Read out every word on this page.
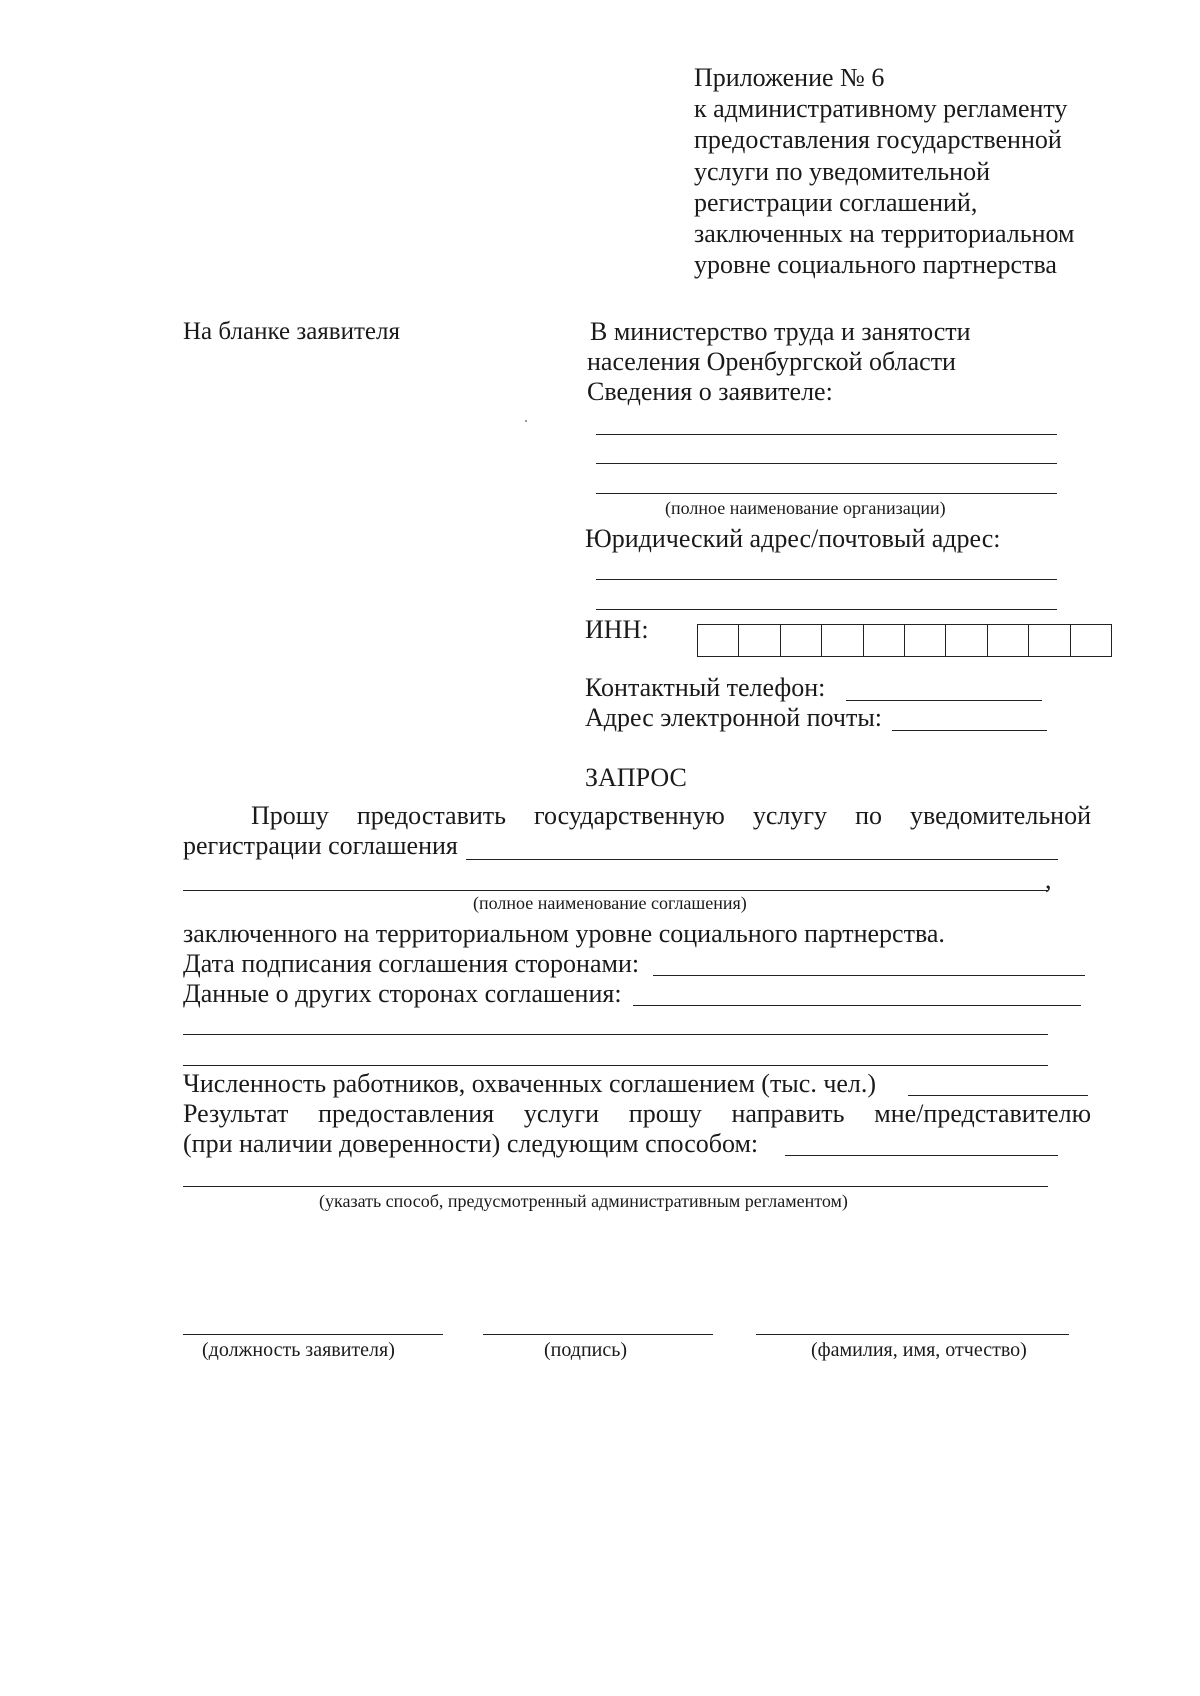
Приложение № 6
к административному регламенту
предоставления государственной
услуги по уведомительной
регистрации соглашений,
заключенных на территориальном
уровне социального партнерства
На бланке заявителя	В министерство труда и занятости
населения Оренбургской области
Сведения о заявителе:
(полное наименование организации)
Юридический адрес/почтовый адрес:
ИНН:
Контактный телефон:
Адрес электронной почты:
ЗАПРОС
Прошу предоставить государственную услугу по уведомительной
регистрации соглашения
,
(полное наименование соглашения)
заключенного на территориальном уровне социального партнерства.
Дата подписания соглашения сторонами:
Данные о других сторонах соглашения:
Численность работников, охваченных соглашением (тыс. чел.)
Результат предоставления услуги прошу направить мне/представителю
(при наличии доверенности) следующим способом:
(указать способ, предусмотренный административным регламентом)
(должность заявителя)	(подпись)	(фамилия, имя, отчество)
